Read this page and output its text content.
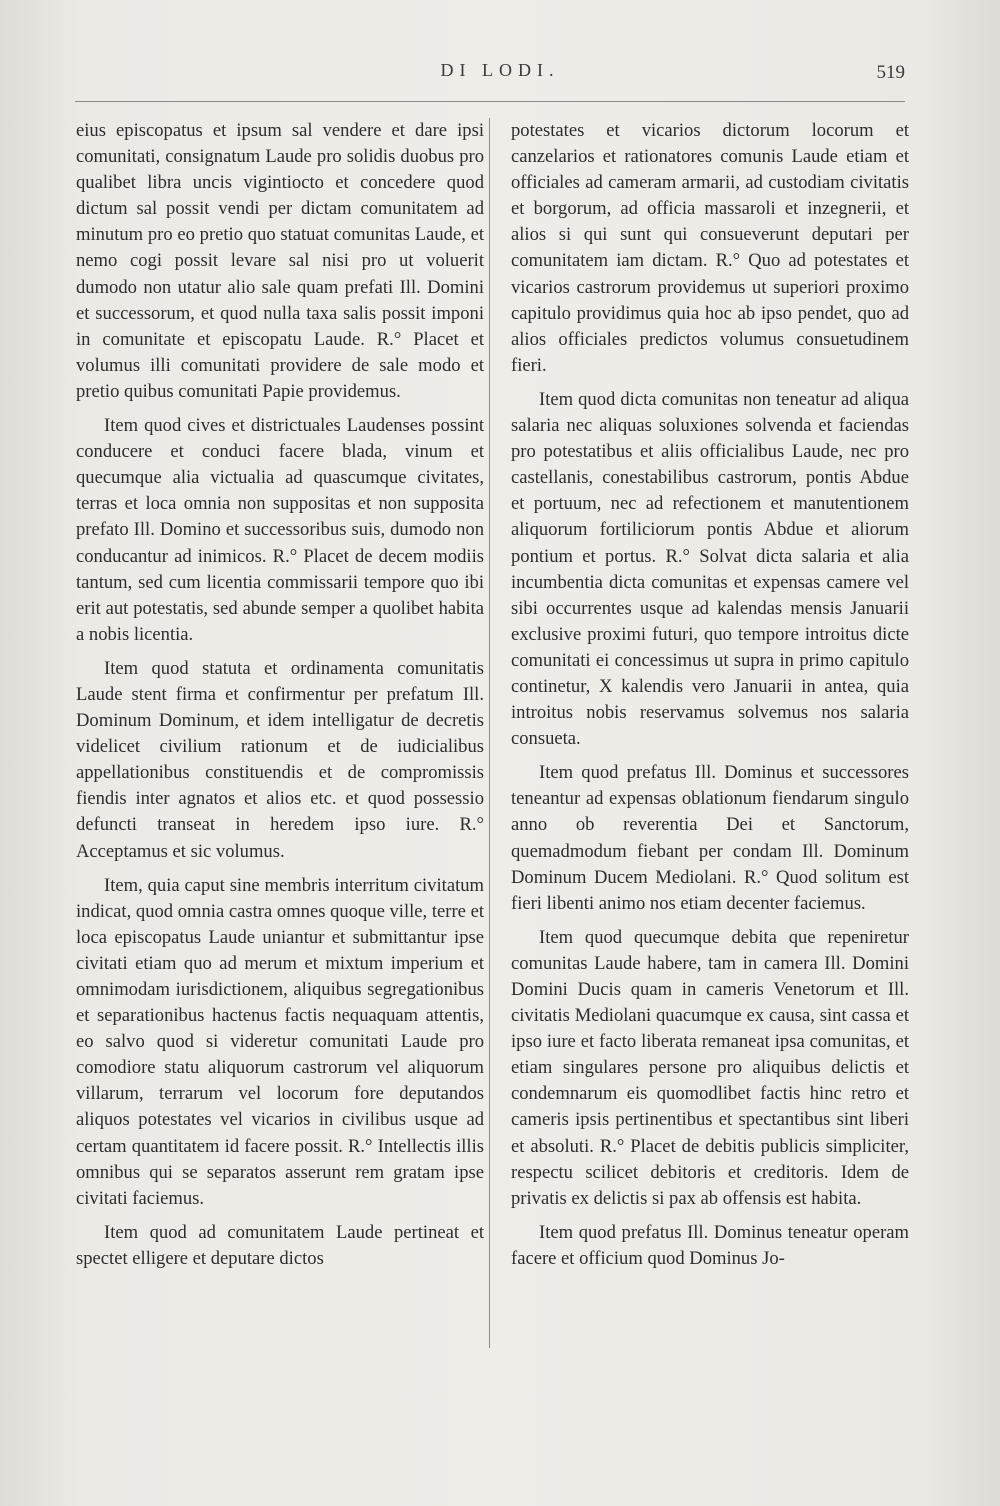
DI LODI.	519

eius episcopatus et ipsum sal vendere et dare ipsi comunitati, consignatum Laude pro solidis duobus pro qualibet libra uncis vigintiocto et concedere quod dictum sal possit vendi per dictam comunitatem ad minutum pro eo pretio quo statuat comunitas Laude, et nemo cogi possit levare sal nisi pro ut voluerit dumodo non utatur alio sale quam prefati Ill. Domini et successorum, et quod nulla taxa salis possit imponi in comunitate et episcopatu Laude. R.° Placet et volumus illi comunitati providere de sale modo et pretio quibus comunitati Papie providemus.

Item quod cives et districtuales Laudenses possint conducere et conduci facere blada, vinum et quecumque alia victualia ad quascumque civitates, terras et loca omnia non suppositas et non supposita prefato Ill. Domino et successoribus suis, dumodo non conducantur ad inimicos. R.° Placet de decem modiis tantum, sed cum licentia commissarii tempore quo ibi erit aut potestatis, sed abunde semper a quolibet habita a nobis licentia.

Item quod statuta et ordinamenta comunitatis Laude stent firma et confirmentur per prefatum Ill. Dominum Dominum, et idem intelligatur de decretis videlicet civilium rationum et de iudicialibus appellationibus constituendis et de compromissis fiendis inter agnatos et alios etc. et quod possessio defuncti transeat in heredem ipso iure. R.° Acceptamus et sic volumus.

Item, quia caput sine membris interritum civitatum indicat, quod omnia castra omnes quoque ville, terre et loca episcopatus Laude uniantur et submittantur ipse civitati etiam quo ad merum et mixtum imperium et omnimodam iurisdictionem, aliquibus segregationibus et separationibus hactenus factis nequaquam attentis, eo salvo quod si videretur comunitati Laude pro comodiore statu aliquorum castrorum vel aliquorum villarum, terrarum vel locorum fore deputandos aliquos potestates vel vicarios in civilibus usque ad certam quantitatem id facere possit. R.° Intellectis illis omnibus qui se separatos asserunt rem gratam ipse civitati faciemus.

Item quod ad comunitatem Laude pertineat et spectet elligere et deputare dictos

potestates et vicarios dictorum locorum et canzelarios et rationatores comunis Laude etiam et officiales ad cameram armarii, ad custodiam civitatis et borgorum, ad officia massaroli et inzegnerii, et alios si qui sunt qui consueverunt deputari per comunitatem iam dictam. R.° Quo ad potestates et vicarios castrorum providemus ut superiori proximo capitulo providimus quia hoc ab ipso pendet, quo ad alios officiales predictos volumus consuetudinem fieri.

Item quod dicta comunitas non teneatur ad aliqua salaria nec aliquas soluxiones solvenda et faciendas pro potestatibus et aliis officialibus Laude, nec pro castellanis, conestabilibus castrorum, pontis Abdue et portuum, nec ad refectionem et manutentionem aliquorum fortiliciorum pontis Abdue et aliorum pontium et portus. R.° Solvat dicta salaria et alia incumbentia dicta comunitas et expensas camere vel sibi occurrentes usque ad kalendas mensis Januarii exclusive proximi futuri, quo tempore introitus dicte comunitati ei concessimus ut supra in primo capitulo continetur, X kalendis vero Januarii in antea, quia introitus nobis reservamus solvemus nos salaria consueta.

Item quod prefatus Ill. Dominus et successores teneantur ad expensas oblationum fiendarum singulo anno ob reverentia Dei et Sanctorum, quemadmodum fiebant per condam Ill. Dominum Dominum Ducem Mediolani. R.° Quod solitum est fieri libenti animo nos etiam decenter faciemus.

Item quod quecumque debita que repeniretur comunitas Laude habere, tam in camera Ill. Domini Domini Ducis quam in cameris Venetorum et Ill. civitatis Mediolani quacumque ex causa, sint cassa et ipso iure et facto liberata remaneat ipsa comunitas, et etiam singulares persone pro aliquibus delictis et condemnarum eis quomodlibet factis hinc retro et cameris ipsis pertinentibus et spectantibus sint liberi et absoluti. R.° Placet de debitis publicis simpliciter, respectu scilicet debitoris et creditoris. Idem de privatis ex delictis si pax ab offensis est habita.

Item quod prefatus Ill. Dominus teneatur operam facere et officium quod Dominus Jo-
